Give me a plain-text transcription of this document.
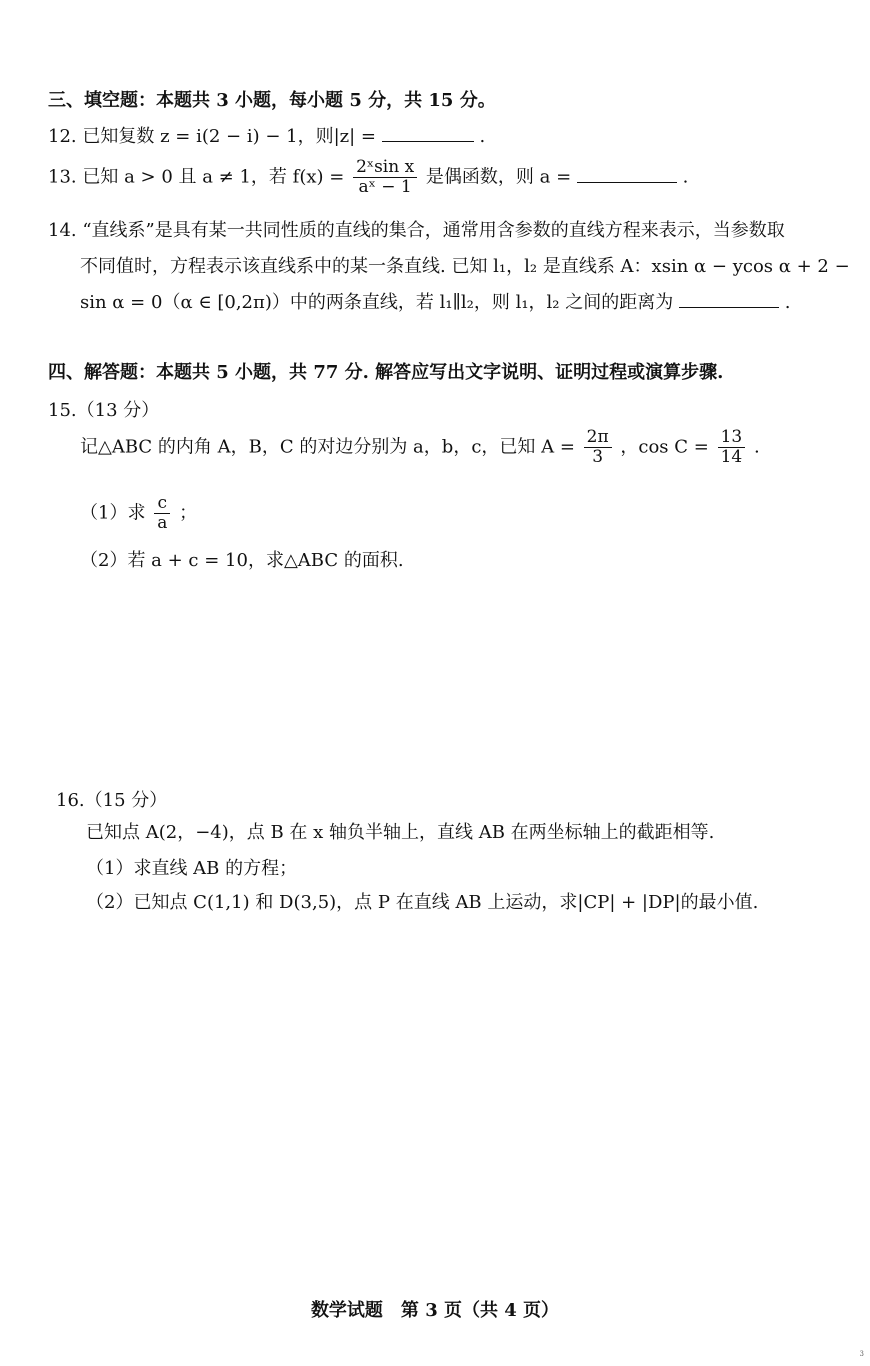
三、填空题：本题共 3 小题，每小题 5 分，共 15 分。
12. 已知复数 z = i(2 − i) − 1，则|z| =	.
13. 已知 a > 0 且 a ≠ 1，若 $f(x) = \frac{\text{2ˣsin x}}{\text{aˣ − 1}}$ 是偶函数，则 a =	.
14. “直线系”是具有某一共同性质的直线的集合，通常用含参数的直线方程来表示，当参数取
不同值时，方程表示该直线系中的某一条直线. 已知 l₁，l₂ 是直线系 A：xsin α − ycos α + 2 −
sin α = 0（α ∈ [0,2π)）中的两条直线，若 l₁∥l₂，则 l₁，l₂ 之间的距离为	.
四、解答题：本题共 5 小题，共 77 分. 解答应写出文字说明、证明过程或演算步骤.
15.（13 分）
记△ABC 的内角 A，B，C 的对边分别为 a，b，c，已知 $A = \frac{2\pi}{3}$ ，$\cos C = \frac{13}{14}$ .
（1）求 $\frac{c}{a}$ ；
（2）若 a + c = 10，求△ABC 的面积.
16.（15 分）
已知点 A(2，−4)，点 B 在 x 轴负半轴上，直线 AB 在两坐标轴上的截距相等.
（1）求直线 AB 的方程；
（2）已知点 C(1,1) 和 D(3,5)，点 P 在直线 AB 上运动，求|CP| + |DP|的最小值.
数学试题　第 3 页（共 4 页）
3
